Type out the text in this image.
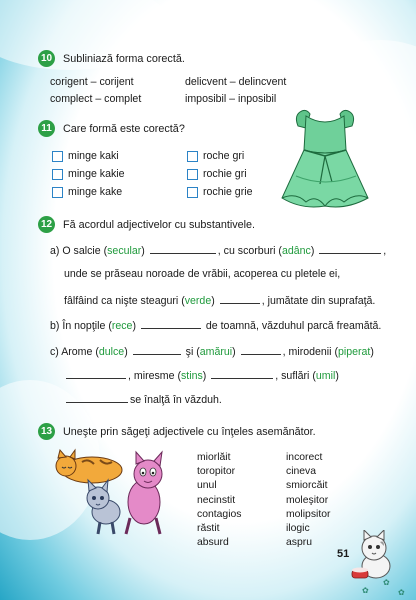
10 Subliniază forma corectă.
corigent – corijent	delicvent – delincvent
complect – complet	imposibil – inposibil
11 Care formă este corectă?
minge kaki
minge kakie
minge kake
roche gri
rochie gri
rochie grie
12 Fă acordul adjectivelor cu substantivele.
a) O salcie (secular)	, cu scorburi (adânc)	,
unde se prăseau noroade de vrăbii, acoperea cu pletele ei,
fâlfâind ca nişte steaguri (verde)	, jumătate din suprafaţă.
b) În nopţile (rece)	de toamnă, văzduhul parcă freamătă.
c) Arome (dulce)	şi (amărui)	, mirodenii (piperat)
, miresme (stins)	, suflări (umil)
se înalţă în văzduh.
13 Uneşte prin săgeţi adjectivele cu înţeles asemănător.
miorlăit
toropitor
unul
necinstit
contagios
răstit
absurd
incorect
cineva
smiorcăit
moleşitor
molipsitor
ilogic
aspru
51
✿
✿
✿
